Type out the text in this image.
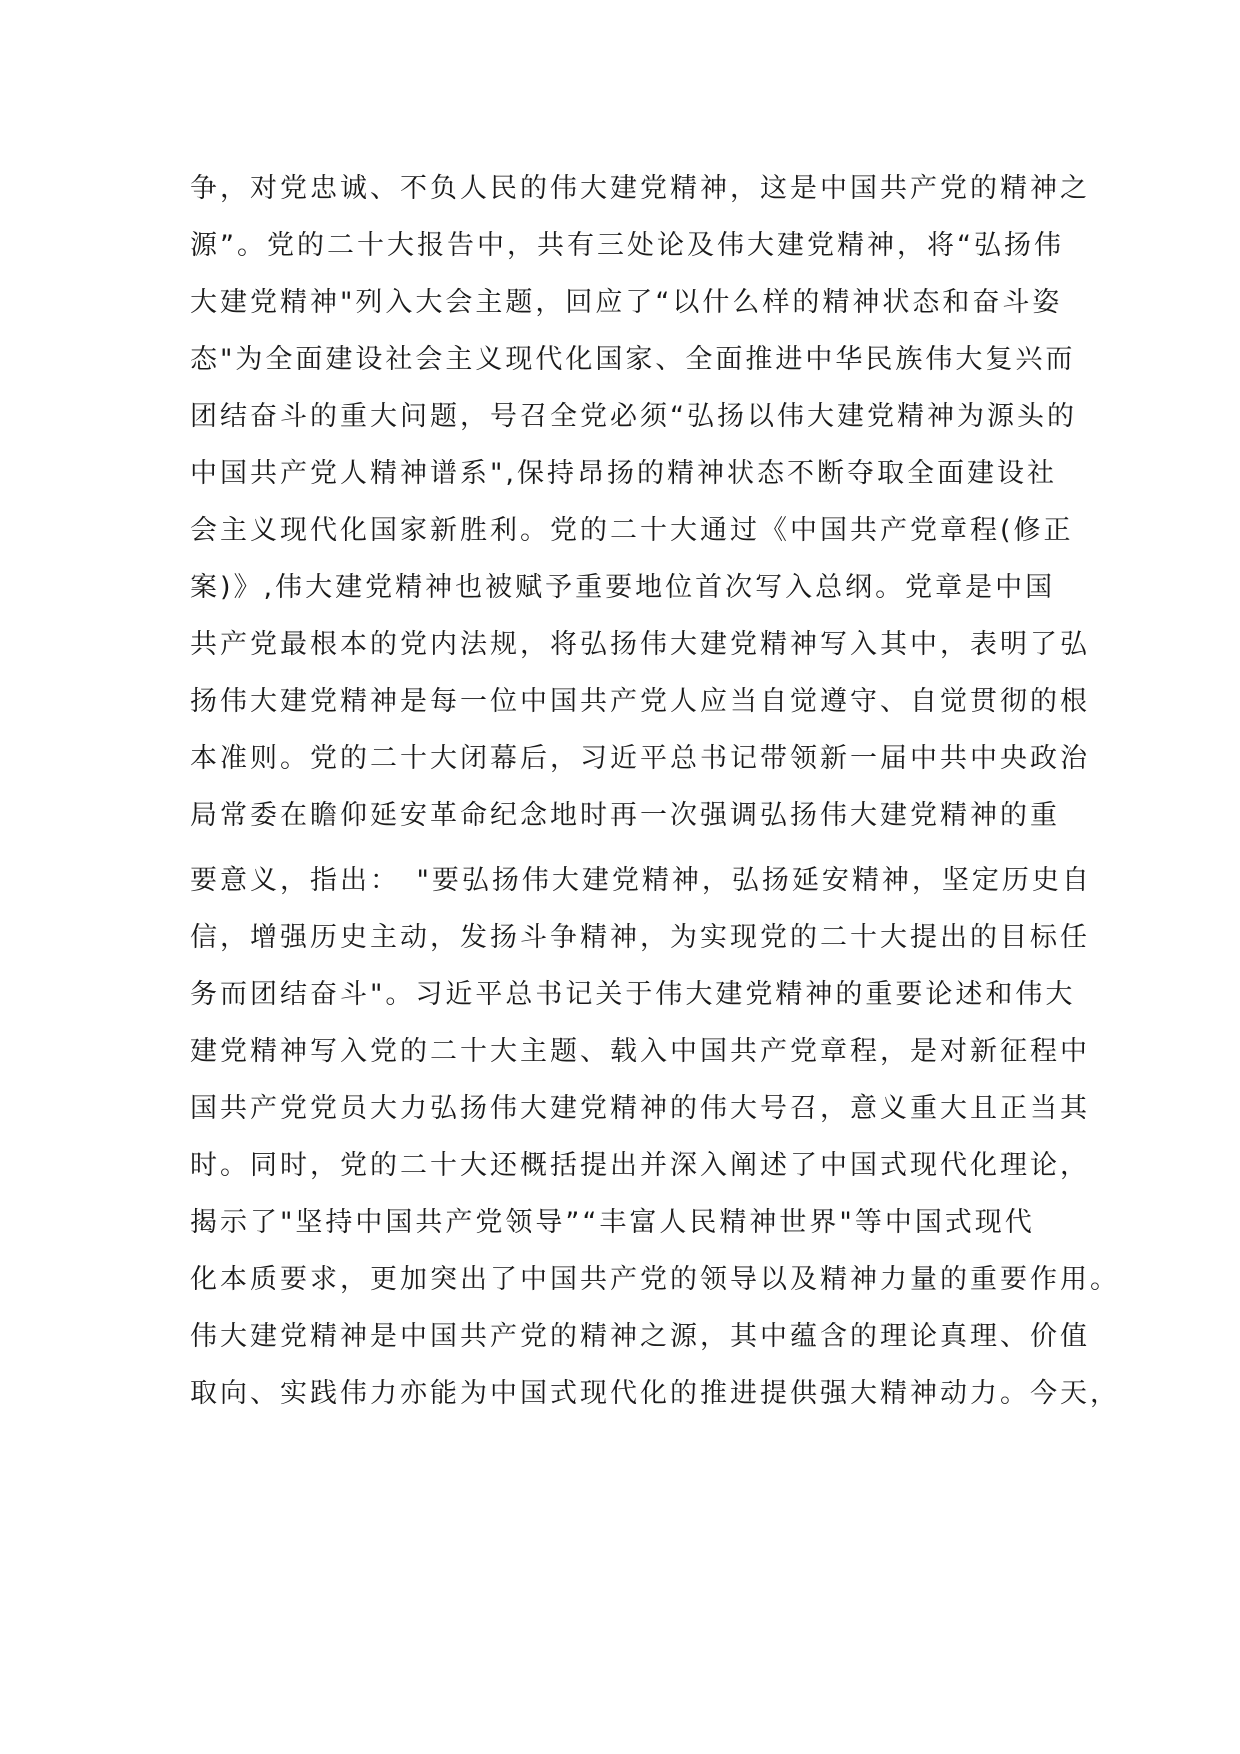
争，对党忠诚、不负人民的伟大建党精神，这是中国共产党的精神之
源”。党的二十大报告中，共有三处论及伟大建党精神，将“弘扬伟
大建党精神"列入大会主题，回应了“以什么样的精神状态和奋斗姿
态"为全面建设社会主义现代化国家、全面推进中华民族伟大复兴而
团结奋斗的重大问题，号召全党必须“弘扬以伟大建党精神为源头的
中国共产党人精神谱系",保持昂扬的精神状态不断夺取全面建设社
会主义现代化国家新胜利。党的二十大通过《中国共产党章程(修正
案)》,伟大建党精神也被赋予重要地位首次写入总纲。党章是中国
共产党最根本的党内法规，将弘扬伟大建党精神写入其中，表明了弘
扬伟大建党精神是每一位中国共产党人应当自觉遵守、自觉贯彻的根
本准则。党的二十大闭幕后，习近平总书记带领新一届中共中央政治
局常委在瞻仰延安革命纪念地时再一次强调弘扬伟大建党精神的重
要意义，指出：　"要弘扬伟大建党精神，弘扬延安精神，坚定历史自
信，增强历史主动，发扬斗争精神，为实现党的二十大提出的目标任
务而团结奋斗"。习近平总书记关于伟大建党精神的重要论述和伟大
建党精神写入党的二十大主题、载入中国共产党章程，是对新征程中
国共产党党员大力弘扬伟大建党精神的伟大号召，意义重大且正当其
时。同时，党的二十大还概括提出并深入阐述了中国式现代化理论，
揭示了"坚持中国共产党领导”“丰富人民精神世界"等中国式现代
化本质要求，更加突出了中国共产党的领导以及精神力量的重要作用。
伟大建党精神是中国共产党的精神之源，其中蕴含的理论真理、价值
取向、实践伟力亦能为中国式现代化的推进提供强大精神动力。今天，
